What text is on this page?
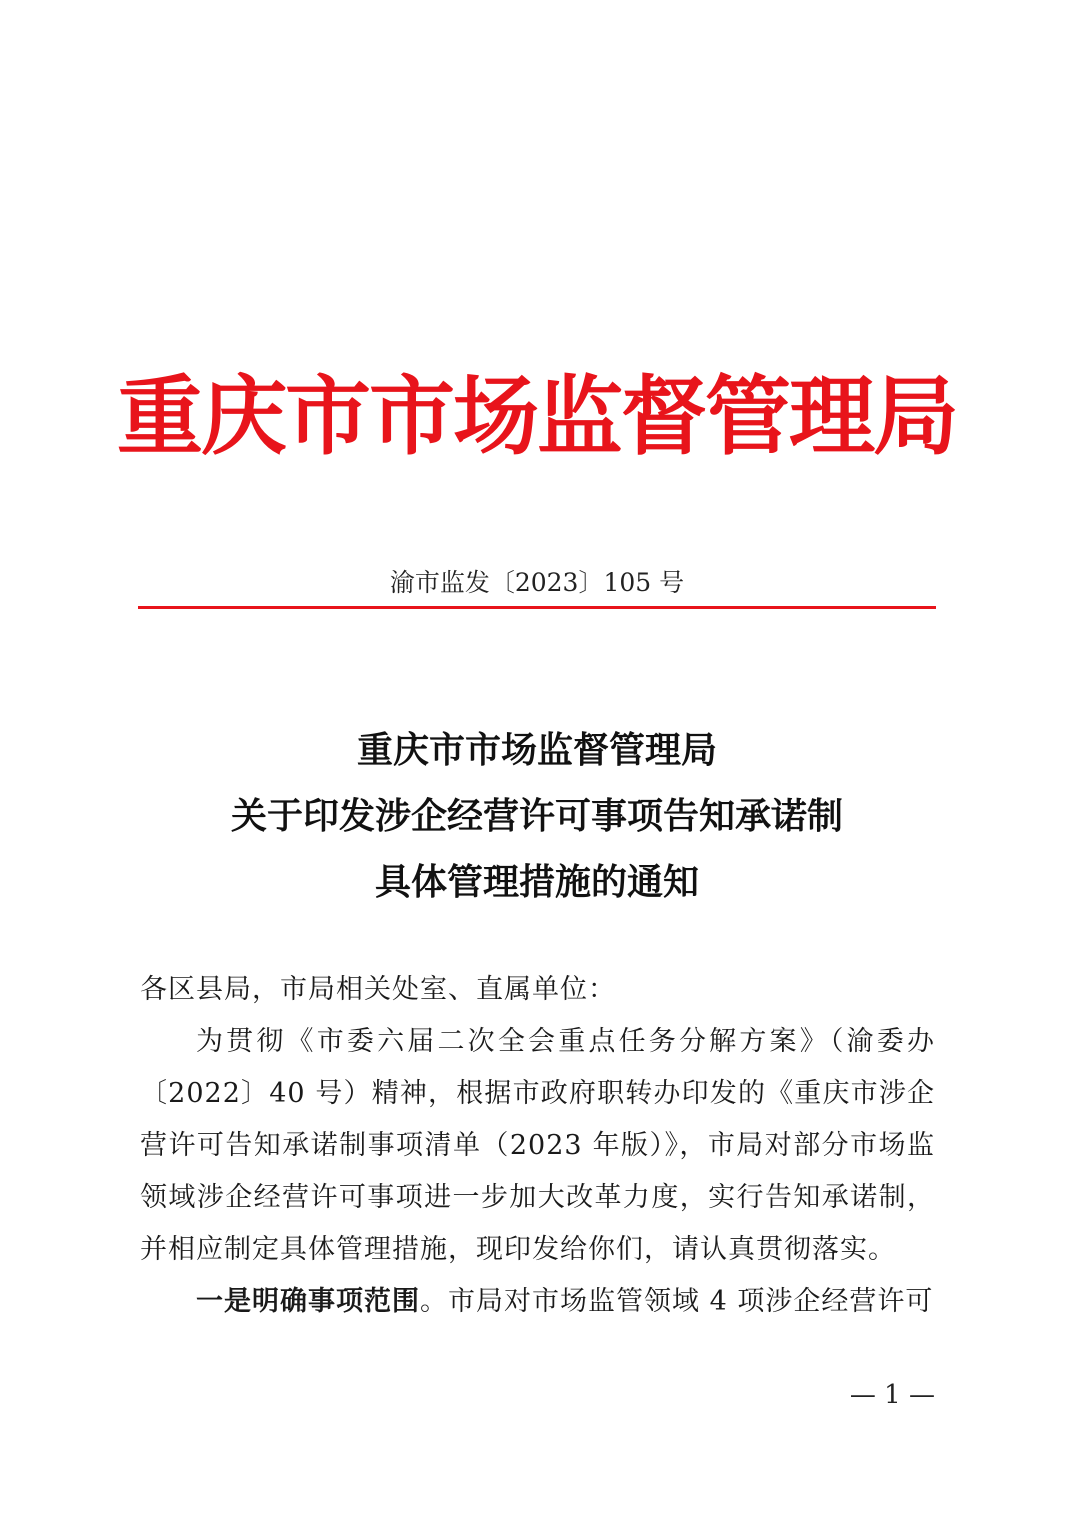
重庆市市场监督管理局
渝市监发〔2023〕105 号
重庆市市场监督管理局
关于印发涉企经营许可事项告知承诺制
具体管理措施的通知
各区县局，市局相关处室、直属单位：
为贯彻《市委六届二次全会重点任务分解方案》（渝委办
〔2022〕40 号）精神，根据市政府职转办印发的《重庆市涉企
营许可告知承诺制事项清单（2023 年版）》，市局对部分市场监
领域涉企经营许可事项进一步加大改革力度，实行告知承诺制，
并相应制定具体管理措施，现印发给你们，请认真贯彻落实。
一是明确事项范围。市局对市场监管领域 4 项涉企经营许可
— 1 —
